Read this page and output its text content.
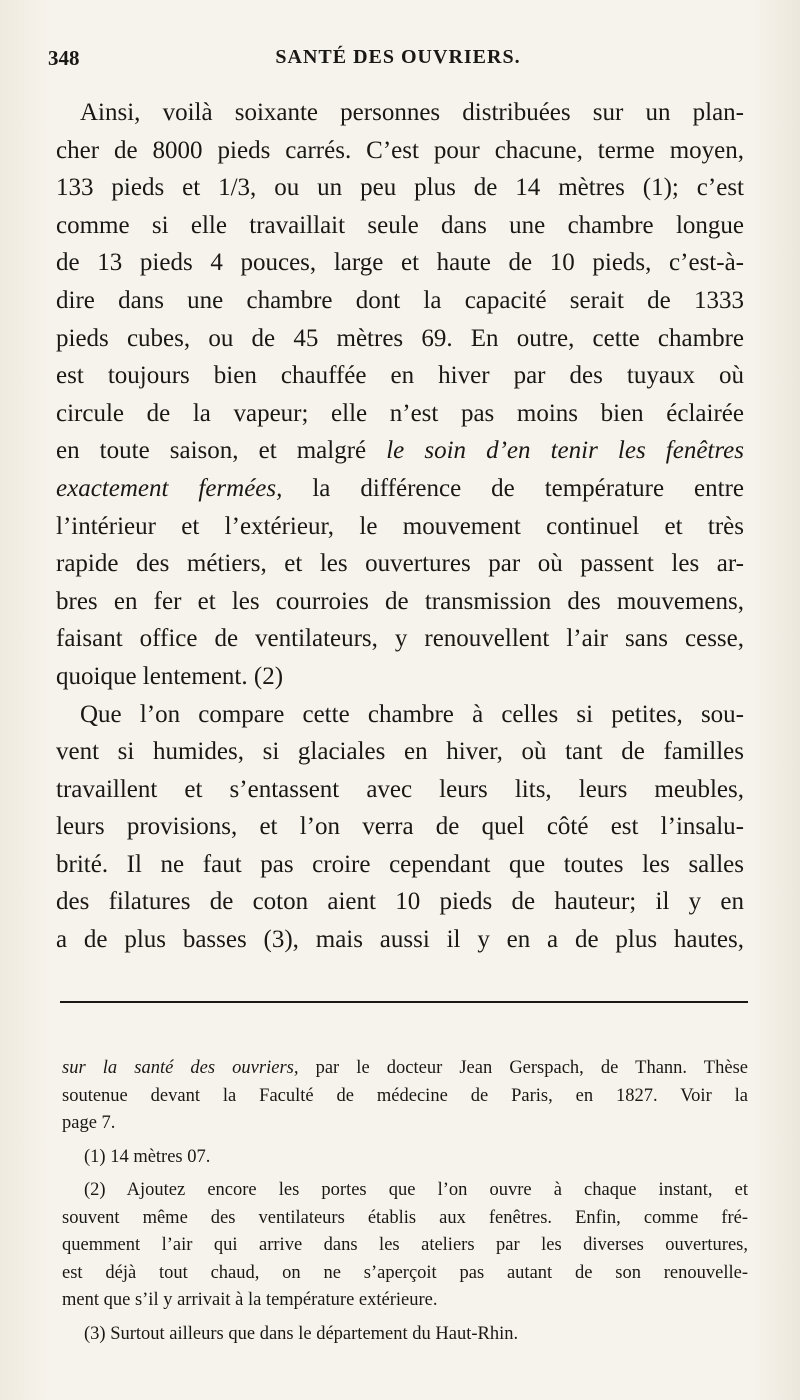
348	SANTÉ DES OUVRIERS.
Ainsi, voilà soixante personnes distribuées sur un plan-
cher de 8000 pieds carrés. C’est pour chacune, terme moyen,
133 pieds et 1/3, ou un peu plus de 14 mètres (1); c’est
comme si elle travaillait seule dans une chambre longue
de 13 pieds 4 pouces, large et haute de 10 pieds, c’est-à-
dire dans une chambre dont la capacité serait de 1333
pieds cubes, ou de 45 mètres 69. En outre, cette chambre
est toujours bien chauffée en hiver par des tuyaux où
circule de la vapeur; elle n’est pas moins bien éclairée
en toute saison, et malgré le soin d’en tenir les fenêtres
exactement fermées, la différence de température entre
l’intérieur et l’extérieur, le mouvement continuel et très
rapide des métiers, et les ouvertures par où passent les ar-
bres en fer et les courroies de transmission des mouvemens,
faisant office de ventilateurs, y renouvellent l’air sans cesse,
quoique lentement. (2)
Que l’on compare cette chambre à celles si petites, sou-
vent si humides, si glaciales en hiver, où tant de familles
travaillent et s’entassent avec leurs lits, leurs meubles,
leurs provisions, et l’on verra de quel côté est l’insalu-
brité. Il ne faut pas croire cependant que toutes les salles
des filatures de coton aient 10 pieds de hauteur; il y en
a de plus basses (3), mais aussi il y en a de plus hautes,
sur la santé des ouvriers, par le docteur Jean Gerspach, de Thann. Thèse
soutenue devant la Faculté de médecine de Paris, en 1827. Voir la
page 7.
(1) 14 mètres 07.
(2) Ajoutez encore les portes que l’on ouvre à chaque instant, et
souvent même des ventilateurs établis aux fenêtres. Enfin, comme fré-
quemment l’air qui arrive dans les ateliers par les diverses ouvertures,
est déjà tout chaud, on ne s’aperçoit pas autant de son renouvelle-
ment que s’il y arrivait à la température extérieure.
(3) Surtout ailleurs que dans le département du Haut-Rhin.
